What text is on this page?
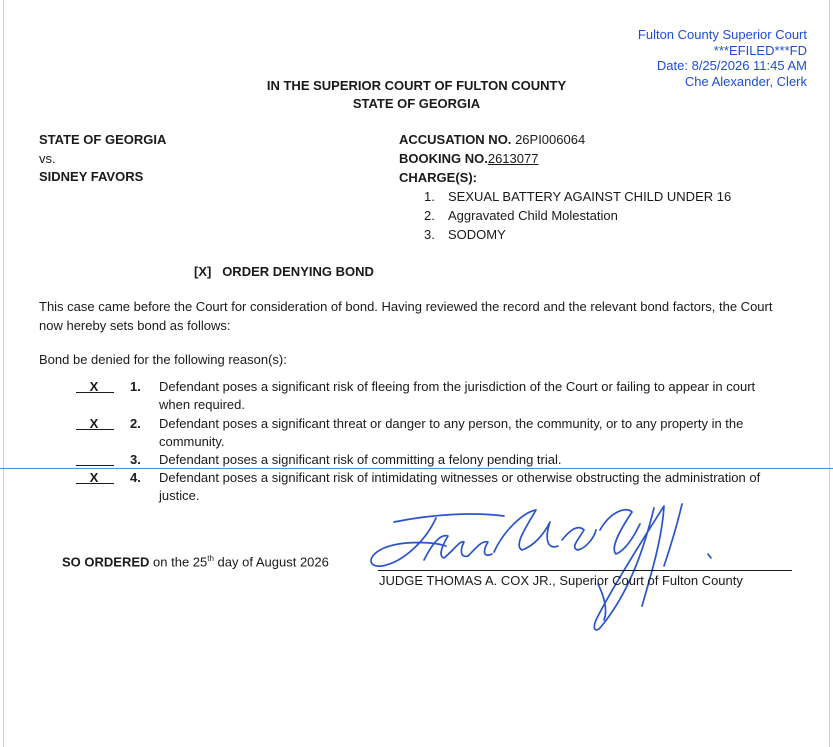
Fulton County Superior Court
***EFILED***FD
Date: 8/25/2026 11:45 AM
Che Alexander, Clerk
IN THE SUPERIOR COURT OF FULTON COUNTY
STATE OF GEORGIA
STATE OF GEORGIA
vs.
SIDNEY FAVORS
ACCUSATION NO. 26PI006064
BOOKING NO.2613077
CHARGE(S):
1. SEXUAL BATTERY AGAINST CHILD UNDER 16
2. Aggravated Child Molestation
3. SODOMY
[X] ORDER DENYING BOND
This case came before the Court for consideration of bond. Having reviewed the record and the relevant bond factors, the Court now hereby sets bond as follows:
Bond be denied for the following reason(s):
X	1. Defendant poses a significant risk of fleeing from the jurisdiction of the Court or failing to appear in court when required.
X	2. Defendant poses a significant threat or danger to any person, the community, or to any property in the community.
3. Defendant poses a significant risk of committing a felony pending trial.
X	4. Defendant poses a significant risk of intimidating witnesses or otherwise obstructing the administration of justice.
SO ORDERED on the 25th day of August 2026
JUDGE THOMAS A. COX JR., Superior Court of Fulton County
